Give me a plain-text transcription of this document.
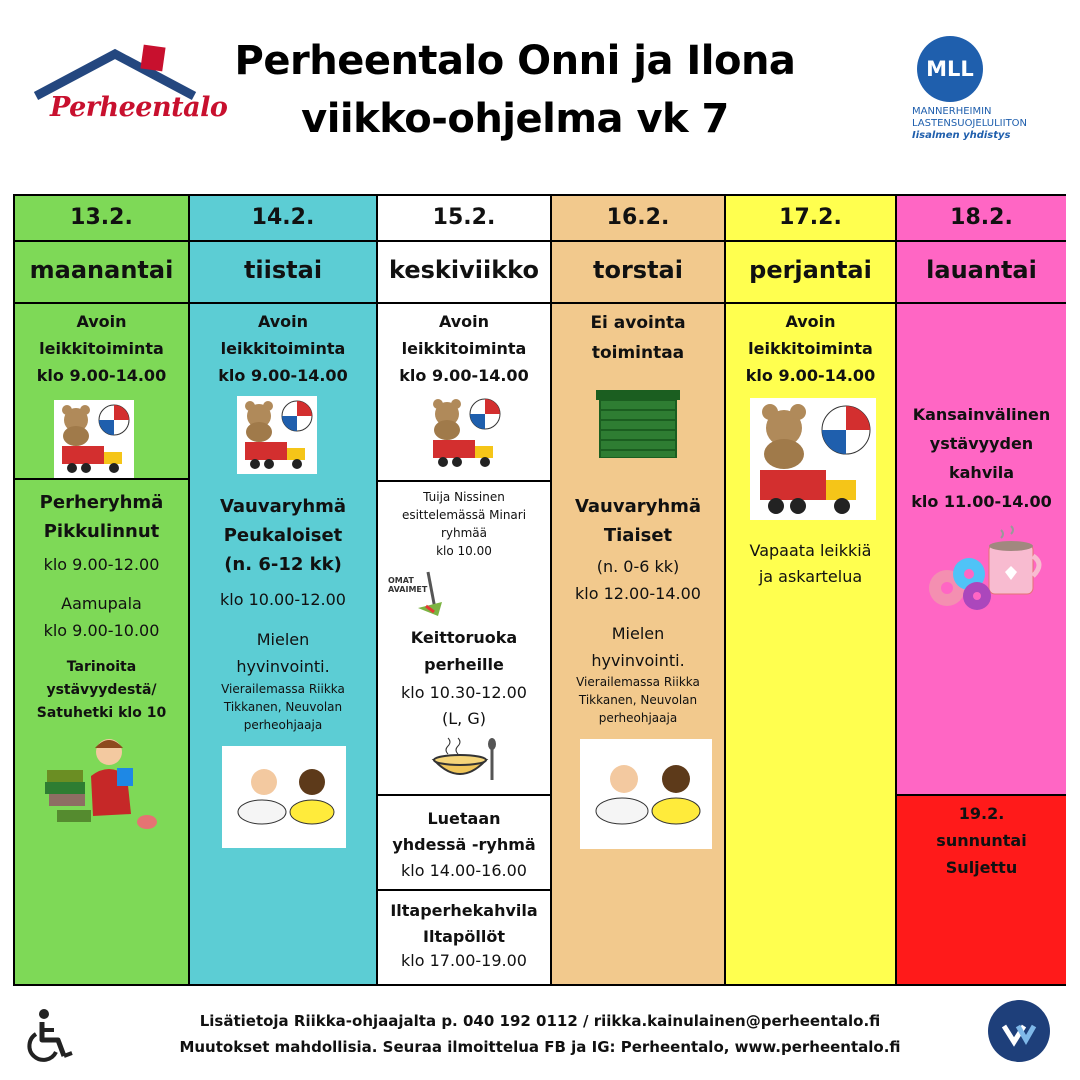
Perheentalo
Perheentalo Onni ja Ilona
viikko-ohjelma vk 7
MLL
MANNERHEIMIN
LASTENSUOJELULIITON
Iisalmen yhdistys
13.2.
maanantai
Avoin
leikkitoiminta
klo 9.00-14.00
Perheryhmä
Pikkulinnut
klo 9.00-12.00
Aamupala
klo 9.00-10.00
Tarinoita
ystävyydestä/
Satuhetki klo 10
14.2.
tiistai
Avoin
leikkitoiminta
klo 9.00-14.00
Vauvaryhmä
Peukaloiset
(n. 6-12 kk)
klo 10.00-12.00
Mielen
hyvinvointi.
Vierailemassa Riikka
Tikkanen, Neuvolan
perheohjaaja
15.2.
keskiviikko
Avoin
leikkitoiminta
klo 9.00-14.00
Tuija Nissinen
esittelemässä Minari
ryhmää
klo 10.00
OMAT
AVAIMET
Keittoruoka
perheille
klo 10.30-12.00
(L, G)
Luetaan
yhdessä -ryhmä
klo 14.00-16.00
Iltaperhekahvila
Iltapöllöt
klo 17.00-19.00
16.2.
torstai
Ei avointa
toimintaa
Vauvaryhmä
Tiaiset
(n. 0-6 kk)
klo 12.00-14.00
Mielen
hyvinvointi.
Vierailemassa Riikka
Tikkanen, Neuvolan
perheohjaaja
17.2.
perjantai
Avoin
leikkitoiminta
klo 9.00-14.00
Vapaata leikkiä
ja askartelua
18.2.
lauantai
Kansainvälinen
ystävyyden
kahvila
klo 11.00-14.00
19.2.
sunnuntai
Suljettu
Lisätietoja Riikka-ohjaajalta p. 040 192 0112 / riikka.kainulainen@perheentalo.fi
Muutokset mahdollisia. Seuraa ilmoittelua FB ja IG: Perheentalo, www.perheentalo.fi
